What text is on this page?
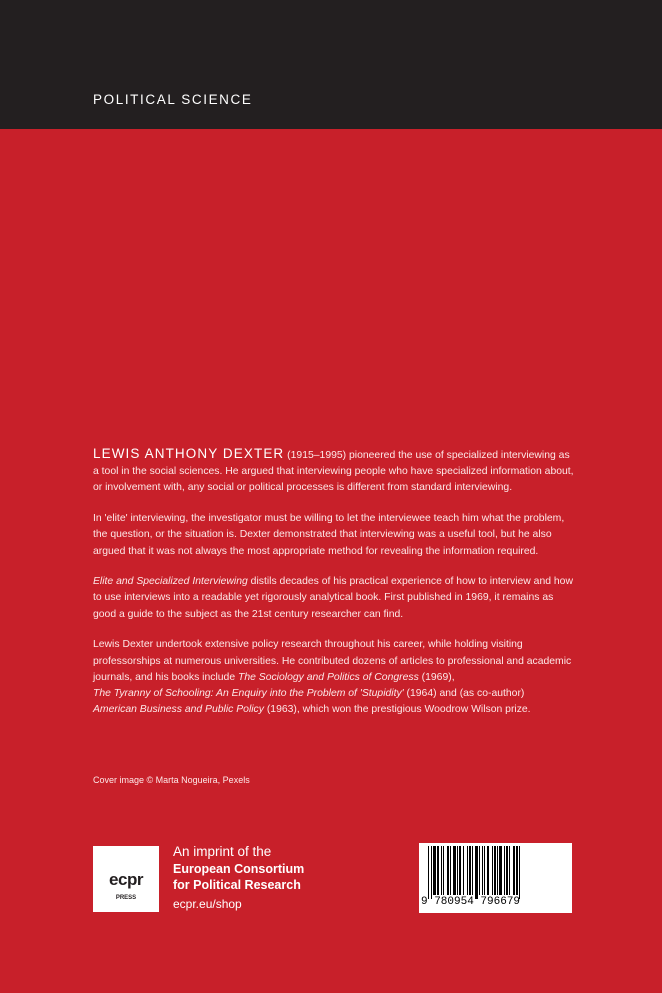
POLITICAL SCIENCE

LEWIS ANTHONY DEXTER (1915–1995) pioneered the use of specialized interviewing as a tool in the social sciences. He argued that interviewing people who have specialized information about, or involvement with, any social or political processes is different from standard interviewing.

In 'elite' interviewing, the investigator must be willing to let the interviewee teach him what the problem, the question, or the situation is. Dexter demonstrated that interviewing was a useful tool, but he also argued that it was not always the most appropriate method for revealing the information required.

Elite and Specialized Interviewing distils decades of his practical experience of how to interview and how to use interviews into a readable yet rigorously analytical book. First published in 1969, it remains as good a guide to the subject as the 21st century researcher can find.

Lewis Dexter undertook extensive policy research throughout his career, while holding visiting professorships at numerous universities. He contributed dozens of articles to professional and academic journals, and his books include The Sociology and Politics of Congress (1969),
The Tyranny of Schooling: An Enquiry into the Problem of 'Stupidity' (1964) and (as co-author)
American Business and Public Policy (1963), which won the prestigious Woodrow Wilson prize.

Cover image © Marta Nogueira, Pexels
ecpr
PRESS
An imprint of the
European Consortium
for Political Research
ecpr.eu/shop	9 780954 796679
